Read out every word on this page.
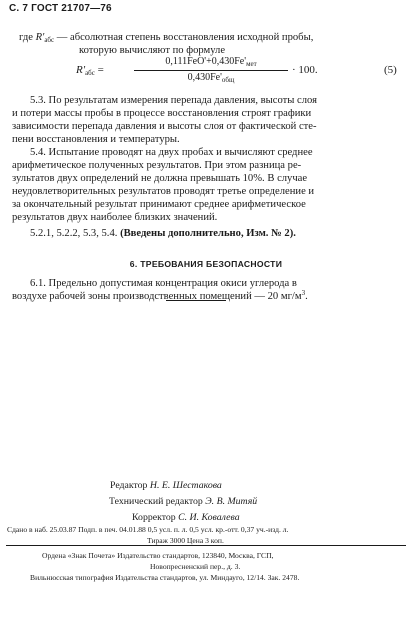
С. 7 ГОСТ 21707—76
где $R'_{абс}$ — абсолютная степень восстановления исходной пробы,
которую вычисляют по формуле
$R'_{абс}$ =
$0,111FeO'+0,430Fe'_{мет}$
$0,430Fe'_{общ}$
· 100.	(5)
5.3. По результатам измерения перепада давления, высоты слоя
и потери массы пробы в процессе восстановления строят графики
зависимости перепада давления и высоты слоя от фактической сте-
пени восстановления и температуры.
5.4. Испытание проводят на двух пробах и вычисляют среднее
арифметическое полученных результатов. При этом разница ре-
зультатов двух определений не должна превышать 10%. В случае
неудовлетворительных результатов проводят третье определение и
за окончательный результат принимают среднее арифметическое
результатов двух наиболее близких значений.
5.2.1, 5.2.2, 5.3, 5.4. (Введены дополнительно, Изм. № 2).
6. ТРЕБОВАНИЯ БЕЗОПАСНОСТИ
6.1. Предельно допустимая концентрация окиси углерода в
воздухе рабочей зоны производственных помещений — 20 $мг/м^3$.
Редактор Н. Е. Шестакова
Технический редактор Э. В. Митяй
Корректор С. И. Ковалева
Сдано в наб. 25.03.87 Подп. в печ. 04.01.88 0,5 усл. п. л. 0,5 усл. кр.-отт. 0,37 уч.-изд. л.
Тираж 3000 Цена 3 коп.
Ордена «Знак Почета» Издательство стандартов, 123840, Москва, ГСП,
Новопресненский пер., д. 3.
Вильнюсская типография Издательства стандартов, ул. Миндауго, 12/14. Зак. 2478.
